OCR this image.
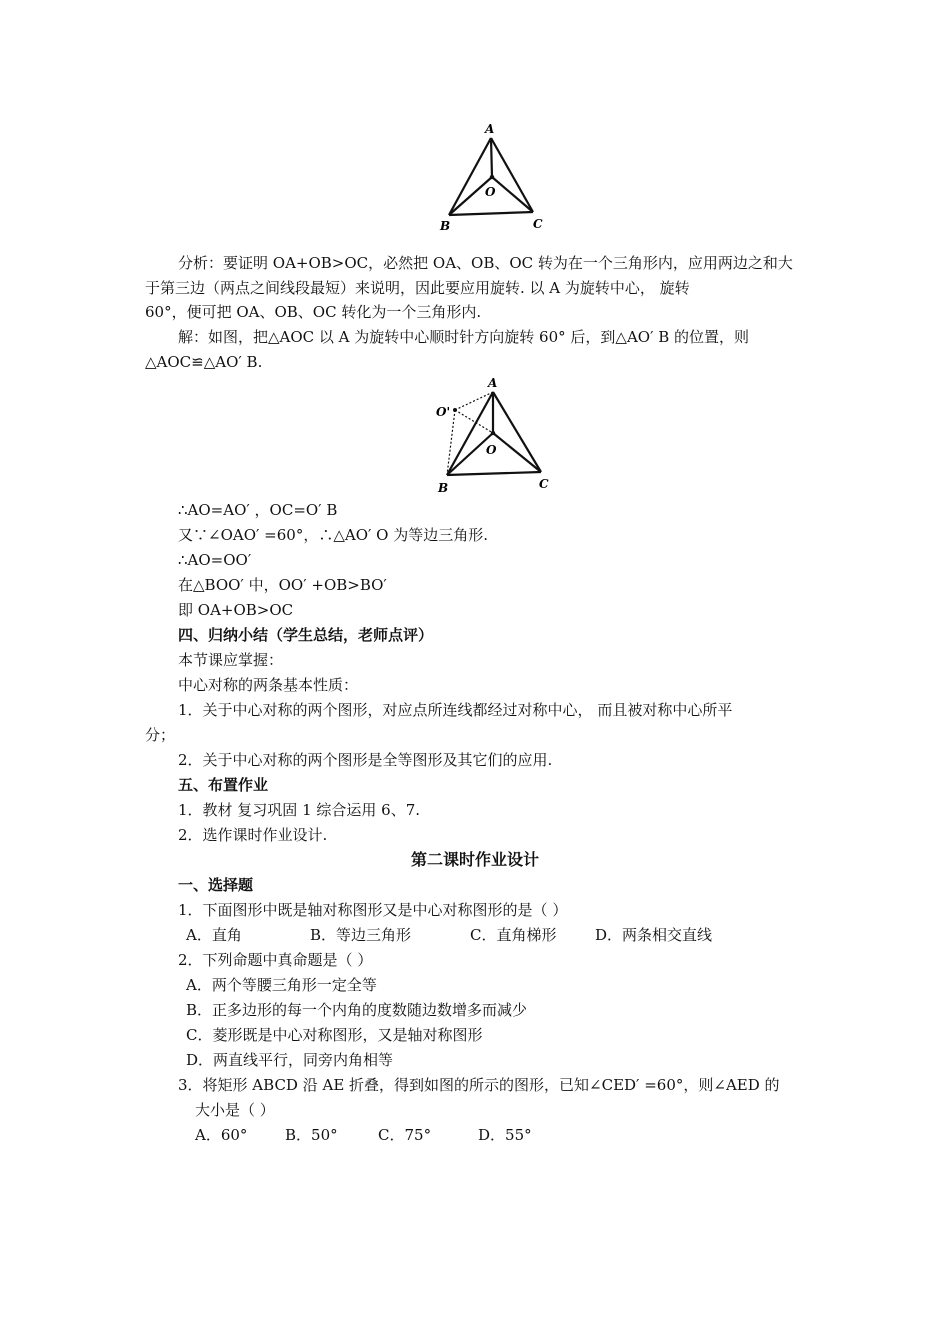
A
B	C
O
分析：要证明 OA+OB>OC，必然把 OA、OB、OC 转为在一个三角形内，应用两边之和大
于第三边（两点之间线段最短）来说明，因此要应用旋转. 以 A 为旋转中心， 旋转
60°，便可把 OA、OB、OC 转化为一个三角形内.
解：如图，把△AOC 以 A 为旋转中心顺时针方向旋转 60° 后，到△AO′ B 的位置，则
△AOC≌△AO′ B.
A
B	C
O
O'
∴AO=AO′ ，OC=O′ B
又∵∠OAO′ =60°，∴△AO′ O 为等边三角形.
∴AO=OO′
在△BOO′ 中，OO′ +OB>BO′
即 OA+OB>OC
四、归纳小结（学生总结，老师点评）
本节课应掌握：
中心对称的两条基本性质：
1．关于中心对称的两个图形，对应点所连线都经过对称中心， 而且被对称中心所平
分；
2．关于中心对称的两个图形是全等图形及其它们的应用.
五、布置作业
1．教材 复习巩固 1 综合运用 6、7.
2．选作课时作业设计.
第二课时作业设计
一、选择题
1．下面图形中既是轴对称图形又是中心对称图形的是（ ）
A．直角	B．等边三角形	C．直角梯形	D．两条相交直线
2．下列命题中真命题是（ ）
A．两个等腰三角形一定全等
B．正多边形的每一个内角的度数随边数增多而减少
C．菱形既是中心对称图形，又是轴对称图形
D．两直线平行，同旁内角相等
3．将矩形 ABCD 沿 AE 折叠，得到如图的所示的图形，已知∠CED′ =60°，则∠AED 的
大小是（ ）
A．60°	B．50°	C．75°	D．55°
